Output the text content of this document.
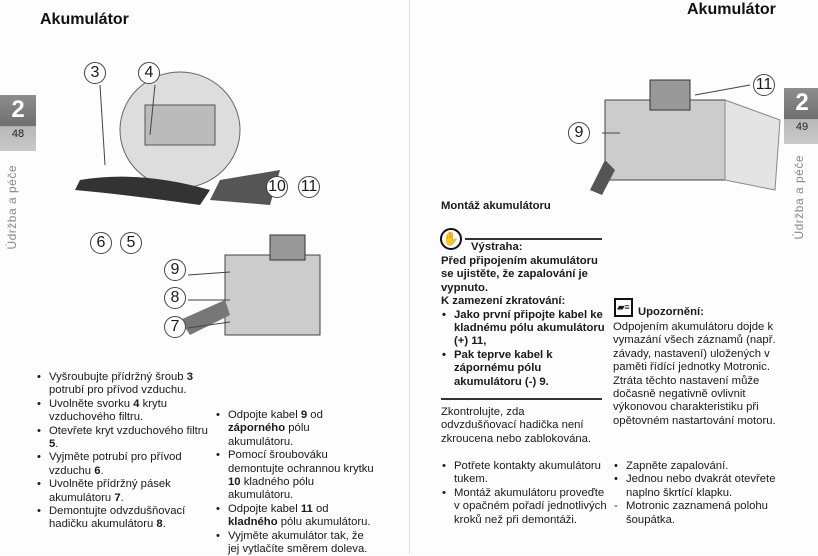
Akumulátor
2
48
Údržba a péče
3	4
6	5
10 11
9
8
7
• Vyšroubujte přídržný šroub 3 potrubí pro přívod vzduchu.
• Uvolněte svorku 4 krytu vzduchového filtru.
• Otevřete kryt vzduchového filtru 5.
• Vyjměte potrubí pro přívod vzduchu 6.
• Uvolněte přídržný pásek akumulátoru 7.
• Demontujte odvzdušňovací hadičku akumulátoru 8.
• Odpojte kabel 9 od záporného pólu akumulátoru.
• Pomocí šroubováku demontujte ochrannou krytku 10 kladného pólu akumulátoru.
• Odpojte kabel 11 od kladného pólu akumulátoru.
• Vyjměte akumulátor tak, že jej vytlačíte směrem doleva.
Akumulátor
2
49
Údržba a péče
11
9
Montáž akumulátoru
✋
Výstraha:
Před připojením akumulátoru se ujistěte, že zapalování je vypnuto.
K zamezení zkratování:
• Jako první připojte kabel ke kladnému pólu akumulátoru (+) 11,
• Pak teprve kabel k zápornému pólu akumulátoru (-) 9.
Zkontrolujte, zda odvzdušňovací hadička není zkroucena nebo zablokována.
• Potřete kontakty akumulátoru tukem.
• Montáž akumulátoru proveďte v opačném pořadí jednotlivých kroků než při demontáži.
▰≡ Upozornění:
Odpojením akumulátoru dojde k vymazání všech záznamů (např. závady, nastavení) uložených v paměti řídící jednotky Motronic.
Ztráta těchto nastavení může dočasně negativně ovlivnit výkonovou charakteristiku při opětovném nastartování motoru.
• Zapněte zapalování.
• Jednou nebo dvakrát otevřete naplno škrtící klapku.
- Motronic zaznamená polohu šoupátka.
